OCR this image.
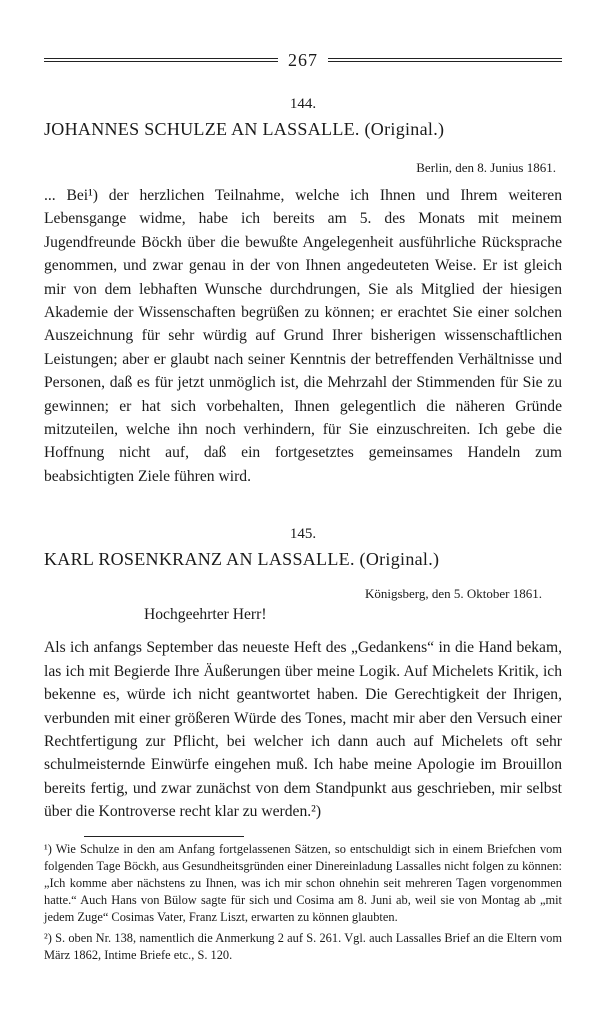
267
144.
JOHANNES SCHULZE AN LASSALLE. (Original.)
Berlin, den 8. Junius 1861.

... Bei¹) der herzlichen Teilnahme, welche ich Ihnen und Ihrem weiteren Lebensgange widme, habe ich bereits am 5. des Monats mit meinem Jugendfreunde Böckh über die bewußte Angelegenheit ausführliche Rücksprache genommen, und zwar genau in der von Ihnen angedeuteten Weise. Er ist gleich mir von dem lebhaften Wunsche durchdrungen, Sie als Mitglied der hiesigen Akademie der Wissenschaften begrüßen zu können; er erachtet Sie einer solchen Auszeichnung für sehr würdig auf Grund Ihrer bisherigen wissenschaftlichen Leistungen; aber er glaubt nach seiner Kenntnis der betreffenden Verhältnisse und Personen, daß es für jetzt unmöglich ist, die Mehrzahl der Stimmenden für Sie zu gewinnen; er hat sich vorbehalten, Ihnen gelegentlich die näheren Gründe mitzuteilen, welche ihn noch verhindern, für Sie einzuschreiten. Ich gebe die Hoffnung nicht auf, daß ein fortgesetztes gemeinsames Handeln zum beabsichtigten Ziele führen wird.

145.
KARL ROSENKRANZ AN LASSALLE. (Original.)
Königsberg, den 5. Oktober 1861.
Hochgeehrter Herr!

Als ich anfangs September das neueste Heft des „Gedankens“ in die Hand bekam, las ich mit Begierde Ihre Äußerungen über meine Logik. Auf Michelets Kritik, ich bekenne es, würde ich nicht geantwortet haben. Die Gerechtigkeit der Ihrigen, verbunden mit einer größeren Würde des Tones, macht mir aber den Versuch einer Rechtfertigung zur Pflicht, bei welcher ich dann auch auf Michelets oft sehr schulmeisternde Einwürfe eingehen muß. Ich habe meine Apologie im Brouillon bereits fertig, und zwar zunächst von dem Standpunkt aus geschrieben, mir selbst über die Kontroverse recht klar zu werden.²)

¹) Wie Schulze in den am Anfang fortgelassenen Sätzen, so entschuldigt sich in einem Briefchen vom folgenden Tage Böckh, aus Gesundheitsgründen einer Dinereinladung Lassalles nicht folgen zu können: „Ich komme aber nächstens zu Ihnen, was ich mir schon ohnehin seit mehreren Tagen vorgenommen hatte.“ Auch Hans von Bülow sagte für sich und Cosima am 8. Juni ab, weil sie von Montag ab „mit jedem Zuge“ Cosimas Vater, Franz Liszt, erwarten zu können glaubten.

²) S. oben Nr. 138, namentlich die Anmerkung 2 auf S. 261. Vgl. auch Lassalles Brief an die Eltern vom März 1862, Intime Briefe etc., S. 120.
